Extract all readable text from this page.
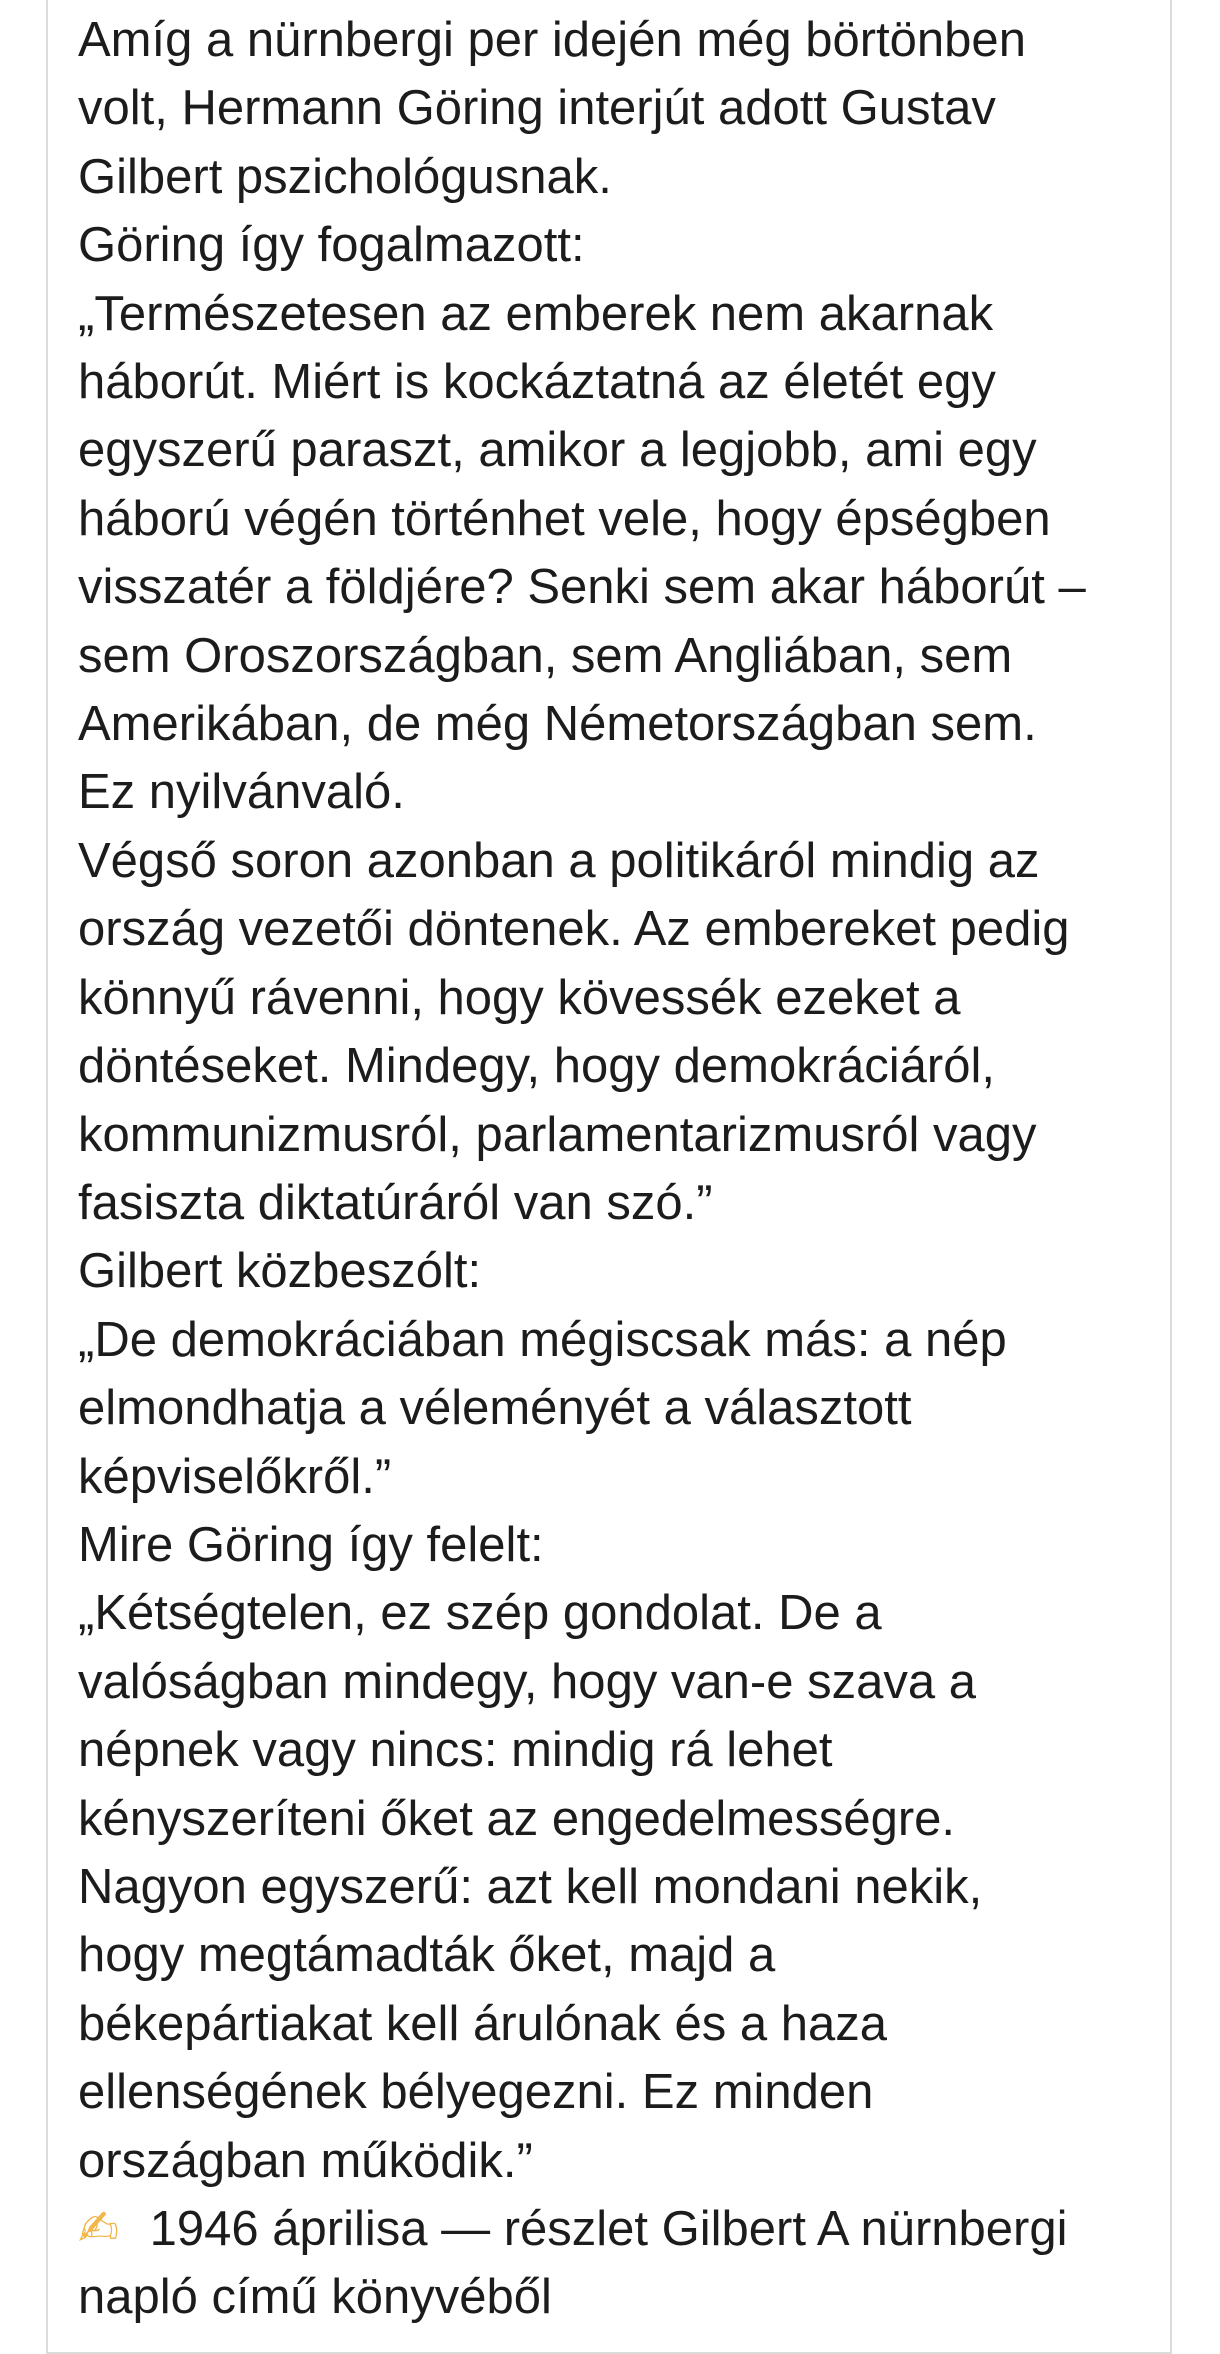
Amíg a nürnbergi per idején még börtönben
volt, Hermann Göring interjút adott Gustav
Gilbert pszichológusnak.
Göring így fogalmazott:
„Természetesen az emberek nem akarnak
háborút. Miért is kockáztatná az életét egy
egyszerű paraszt, amikor a legjobb, ami egy
háború végén történhet vele, hogy épségben
visszatér a földjére? Senki sem akar háborút –
sem Oroszországban, sem Angliában, sem
Amerikában, de még Németországban sem.
Ez nyilvánvaló.
Végső soron azonban a politikáról mindig az
ország vezetői döntenek. Az embereket pedig
könnyű rávenni, hogy kövessék ezeket a
döntéseket. Mindegy, hogy demokráciáról,
kommunizmusról, parlamentarizmusról vagy
fasiszta diktatúráról van szó.”
Gilbert közbeszólt:
„De demokráciában mégiscsak más: a nép
elmondhatja a véleményét a választott
képviselőkről.”
Mire Göring így felelt:
„Kétségtelen, ez szép gondolat. De a
valóságban mindegy, hogy van-e szava a
népnek vagy nincs: mindig rá lehet
kényszeríteni őket az engedelmességre.
Nagyon egyszerű: azt kell mondani nekik,
hogy megtámadták őket, majd a
békepártiakat kell árulónak és a haza
ellenségének bélyegezni. Ez minden
országban működik.”
✍ 1946 áprilisa — részlet Gilbert A nürnbergi
napló című könyvéből
